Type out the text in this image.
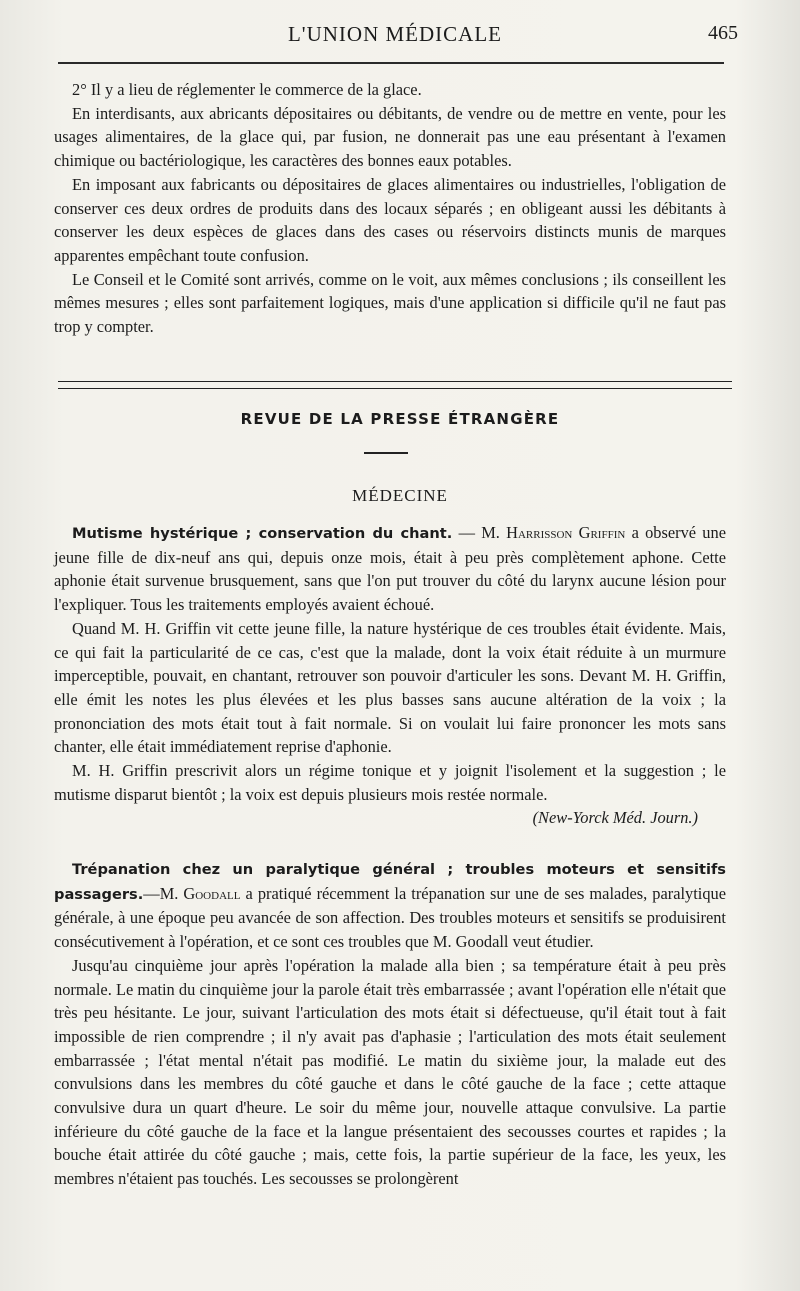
L'UNION MÉDICALE	465

2° Il y a lieu de réglementer le commerce de la glace.

En interdisants, aux abricants dépositaires ou débitants, de vendre ou de mettre en vente, pour les usages alimentaires, de la glace qui, par fusion, ne donnerait pas une eau présentant à l'examen chimique ou bactériologique, les caractères des bonnes eaux potables.

En imposant aux fabricants ou dépositaires de glaces alimentaires ou industrielles, l'obligation de conserver ces deux ordres de produits dans des locaux séparés ; en obligeant aussi les débitants à conserver les deux espèces de glaces dans des cases ou réservoirs distincts munis de marques apparentes empêchant toute confusion.

Le Conseil et le Comité sont arrivés, comme on le voit, aux mêmes conclusions ; ils conseillent les mêmes mesures ; elles sont parfaitement logiques, mais d'une application si difficile qu'il ne faut pas trop y compter.

REVUE DE LA PRESSE ÉTRANGÈRE
MÉDECINE

Mutisme hystérique ; conservation du chant. — M. Harrisson Griffin a observé une jeune fille de dix-neuf ans qui, depuis onze mois, était à peu près complètement aphone. Cette aphonie était survenue brusquement, sans que l'on put trouver du côté du larynx aucune lésion pour l'expliquer. Tous les traitements employés avaient échoué.

Quand M. H. Griffin vit cette jeune fille, la nature hystérique de ces troubles était évidente. Mais, ce qui fait la particularité de ce cas, c'est que la malade, dont la voix était réduite à un murmure imperceptible, pouvait, en chantant, retrouver son pouvoir d'articuler les sons. Devant M. H. Griffin, elle émit les notes les plus élevées et les plus basses sans aucune altération de la voix ; la prononciation des mots était tout à fait normale. Si on voulait lui faire prononcer les mots sans chanter, elle était immédiatement reprise d'aphonie.

M. H. Griffin prescrivit alors un régime tonique et y joignit l'isolement et la suggestion ; le mutisme disparut bientôt ; la voix est depuis plusieurs mois restée normale.

(New-Yorck Méd. Journ.)

Trépanation chez un paralytique général ; troubles moteurs et sensitifs passagers.—M. Goodall a pratiqué récemment la trépanation sur une de ses malades, paralytique générale, à une époque peu avancée de son affection. Des troubles moteurs et sensitifs se produisirent consécutivement à l'opération, et ce sont ces troubles que M. Goodall veut étudier.

Jusqu'au cinquième jour après l'opération la malade alla bien ; sa température était à peu près normale. Le matin du cinquième jour la parole était très embarrassée ; avant l'opération elle n'était que très peu hésitante. Le jour, suivant l'articulation des mots était si défectueuse, qu'il était tout à fait impossible de rien comprendre ; il n'y avait pas d'aphasie ; l'articulation des mots était seulement embarrassée ; l'état mental n'était pas modifié. Le matin du sixième jour, la malade eut des convulsions dans les membres du côté gauche et dans le côté gauche de la face ; cette attaque convulsive dura un quart d'heure. Le soir du même jour, nouvelle attaque convulsive. La partie inférieure du côté gauche de la face et la langue présentaient des secousses courtes et rapides ; la bouche était attirée du côté gauche ; mais, cette fois, la partie supérieur de la face, les yeux, les membres n'étaient pas touchés. Les secousses se prolongèrent
